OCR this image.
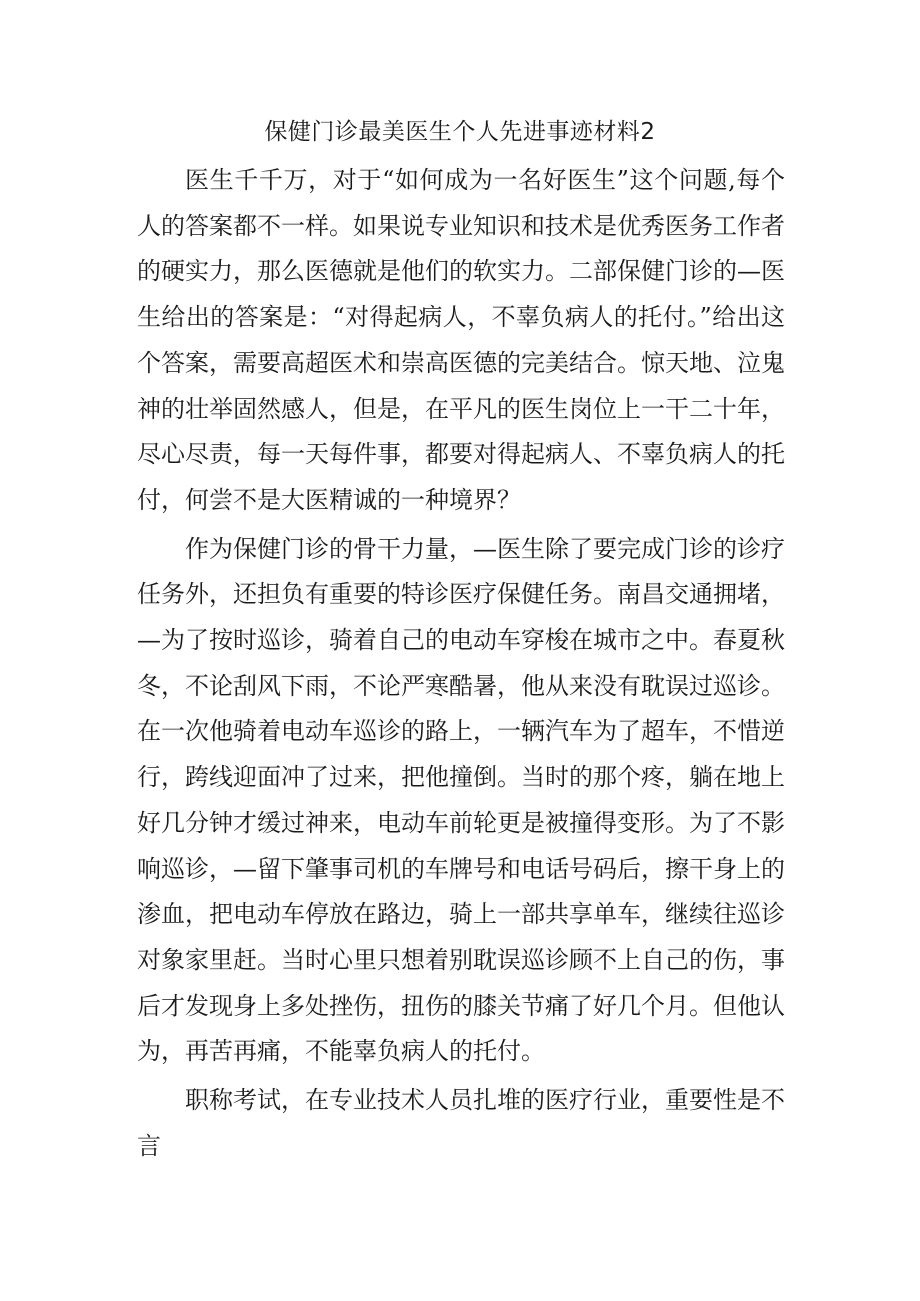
保健门诊最美医生个人先进事迹材料2

医生千千万，对于“如何成为一名好医生”这个问题,每个人的答案都不一样。如果说专业知识和技术是优秀医务工作者的硬实力，那么医德就是他们的软实力。二部保健门诊的—医生给出的答案是：“对得起病人，不辜负病人的托付。”给出这个答案，需要高超医术和崇高医德的完美结合。惊天地、泣鬼神的壮举固然感人，但是，在平凡的医生岗位上一干二十年，尽心尽责，每一天每件事，都要对得起病人、不辜负病人的托付，何尝不是大医精诚的一种境界？

作为保健门诊的骨干力量，—医生除了要完成门诊的诊疗任务外，还担负有重要的特诊医疗保健任务。南昌交通拥堵，—为了按时巡诊，骑着自己的电动车穿梭在城市之中。春夏秋冬，不论刮风下雨，不论严寒酷暑，他从来没有耽误过巡诊。在一次他骑着电动车巡诊的路上，一辆汽车为了超车，不惜逆行，跨线迎面冲了过来，把他撞倒。当时的那个疼，躺在地上好几分钟才缓过神来，电动车前轮更是被撞得变形。为了不影响巡诊，—留下肇事司机的车牌号和电话号码后，擦干身上的渗血，把电动车停放在路边，骑上一部共享单车，继续往巡诊对象家里赶。当时心里只想着别耽误巡诊顾不上自己的伤，事后才发现身上多处挫伤，扭伤的膝关节痛了好几个月。但他认为，再苦再痛，不能辜负病人的托付。

职称考试，在专业技术人员扎堆的医疗行业，重要性是不言
